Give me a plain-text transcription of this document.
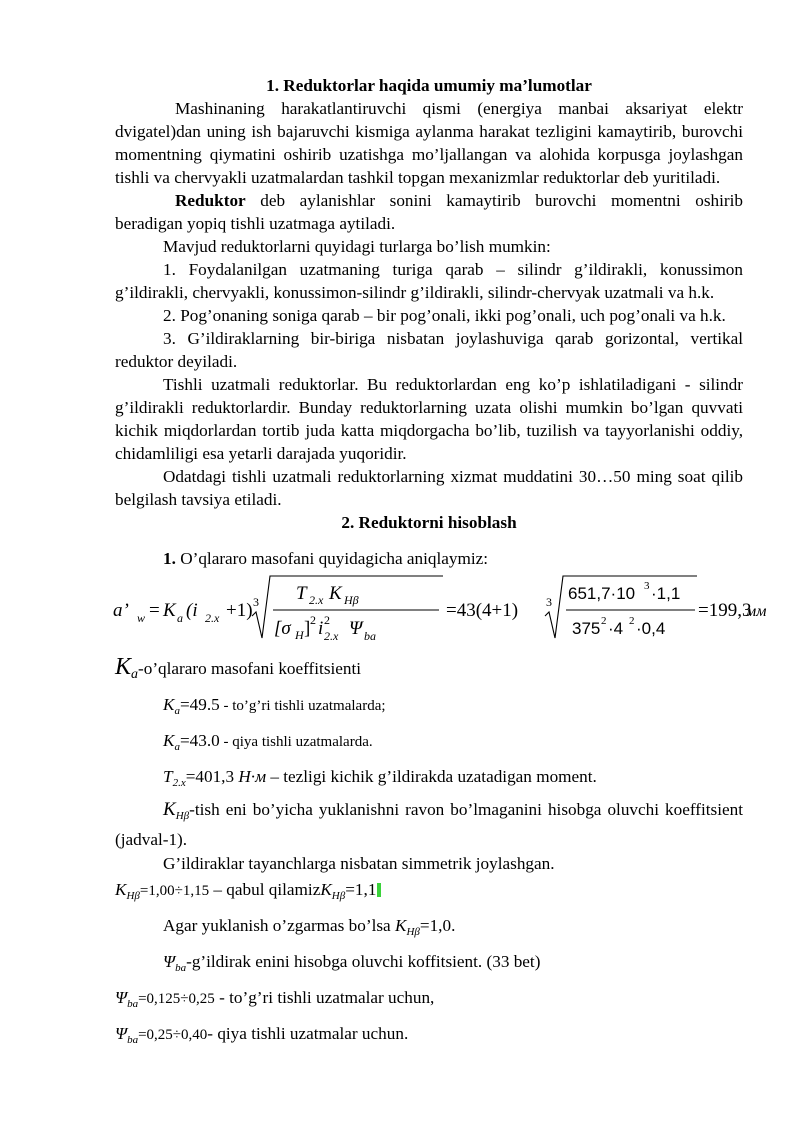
1. Reduktorlar haqida umumiy ma’lumotlar

Mashinaning harakatlantiruvchi qismi (energiya manbai aksariyat elektr dvigatel)dan uning ish bajaruvchi kismiga aylanma harakat tezligini kamaytirib, burovchi momentning qiymatini oshirib uzatishga mo’ljallangan va alohida korpusga joylashgan tishli va chervyakli uzatmalardan tashkil topgan mexanizmlar reduktorlar deb yuritiladi.

Reduktor deb aylanishlar sonini kamaytirib burovchi momentni oshirib beradigan yopiq tishli uzatmaga aytiladi.

Mavjud reduktorlarni quyidagi turlarga bo’lish mumkin:

1. Foydalanilgan uzatmaning turiga qarab – silindr g’ildirakli, konussimon g’ildirakli, chervyakli, konussimon-silindr g’ildirakli, silindr-chervyak uzatmali va h.k.

2. Pog’onaning soniga qarab – bir pog’onali, ikki pog’onali, uch pog’onali va h.k.

3. G’ildiraklarning bir-biriga nisbatan joylashuviga qarab gorizontal, vertikal reduktor deyiladi.

Tishli uzatmali reduktorlar. Bu reduktorlardan eng ko’p ishlatiladigani - silindr g’ildirakli reduktorlardir. Bunday reduktorlarning uzata olishi mumkin bo’lgan quvvati kichik miqdorlardan tortib juda katta miqdorgacha bo’lib, tuzilish va tayyorlanishi oddiy, chidamliligi esa yetarli darajada yuqoridir.

Odatdagi tishli uzatmali reduktorlarning xizmat muddatini 30…50 ming soat qilib belgilash tavsiya etiladi.

2. Reduktorni hisoblash

1. O’qlararo masofani quyidagicha aniqlaymiz:

a’ w = K a (i 2.x +1) 3 T 2.x K Hβ
[σ H ] 2 i 2
2.x Ψ ba
=43(4+1) 3 651,7·10 3 ·1,1
375 2 ·4 2 ·0,4
=199,3
мм

$K_a-o’qlararo$ masofani koeffitsienti

$K_a=49.5$ - to’g’ri tishli uzatmalarda;

$K_a=43.0$ - qiya tishli uzatmalarda.

$T_{2.x}=401,3$ Н·м – tezligi kichik g’ildirakda uzatadigan moment.

$K_{H\beta}$-tish eni bo’yicha yuklanishni ravon bo’lmaganini hisobga oluvchi koeffitsient (jadval-1).

G’ildiraklar tayanchlarga nisbatan simmetrik joylashgan.

$K_{H\beta}=1,00\div 1,15$ – qabul qilamizK$_{H\beta}$=1,1

Agar yuklanish o’zgarmas bo’lsa $K_{H\beta}=1,0$.

$\Psi_{ba}-g’ildirak$ enini hisobga oluvchi koffitsient. (33 bet)

$\Psi_{ba}=0,125\div 0,25$ - to’g’ri tishli uzatmalar uchun,

$\Psi_{ba}=0,25\div 0,40-$ qiya tishli uzatmalar uchun.
